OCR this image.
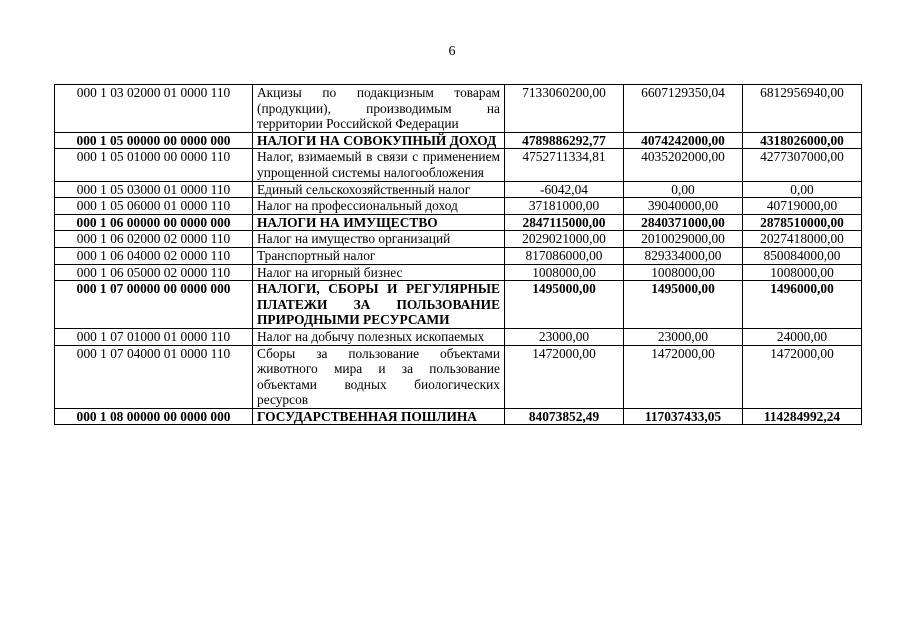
6
000 1 03 02000 01 0000 110	Акцизы по подакцизным товарам (продукции), производимым на территории Российской Федерации	7133060200,00	6607129350,04	6812956940,00
000 1 05 00000 00 0000 000	НАЛОГИ НА СОВОКУПНЫЙ ДОХОД	4789886292,77	4074242000,00	4318026000,00
000 1 05 01000 00 0000 110	Налог, взимаемый в связи с применением упрощенной системы налогообложения	4752711334,81	4035202000,00	4277307000,00
000 1 05 03000 01 0000 110	Единый сельскохозяйственный налог	-6042,04	0,00	0,00
000 1 05 06000 01 0000 110	Налог на профессиональный доход	37181000,00	39040000,00	40719000,00
000 1 06 00000 00 0000 000	НАЛОГИ НА ИМУЩЕСТВО	2847115000,00	2840371000,00	2878510000,00
000 1 06 02000 02 0000 110	Налог на имущество организаций	2029021000,00	2010029000,00	2027418000,00
000 1 06 04000 02 0000 110	Транспортный налог	817086000,00	829334000,00	850084000,00
000 1 06 05000 02 0000 110	Налог на игорный бизнес	1008000,00	1008000,00	1008000,00
000 1 07 00000 00 0000 000	НАЛОГИ, СБОРЫ И РЕГУЛЯРНЫЕ ПЛАТЕЖИ ЗА ПОЛЬЗОВАНИЕ ПРИРОДНЫМИ РЕСУРСАМИ	1495000,00	1495000,00	1496000,00
000 1 07 01000 01 0000 110	Налог на добычу полезных ископаемых	23000,00	23000,00	24000,00
000 1 07 04000 01 0000 110	Сборы за пользование объектами животного мира и за пользование объектами водных биологических ресурсов	1472000,00	1472000,00	1472000,00
000 1 08 00000 00 0000 000	ГОСУДАРСТВЕННАЯ ПОШЛИНА	84073852,49	117037433,05	114284992,24
